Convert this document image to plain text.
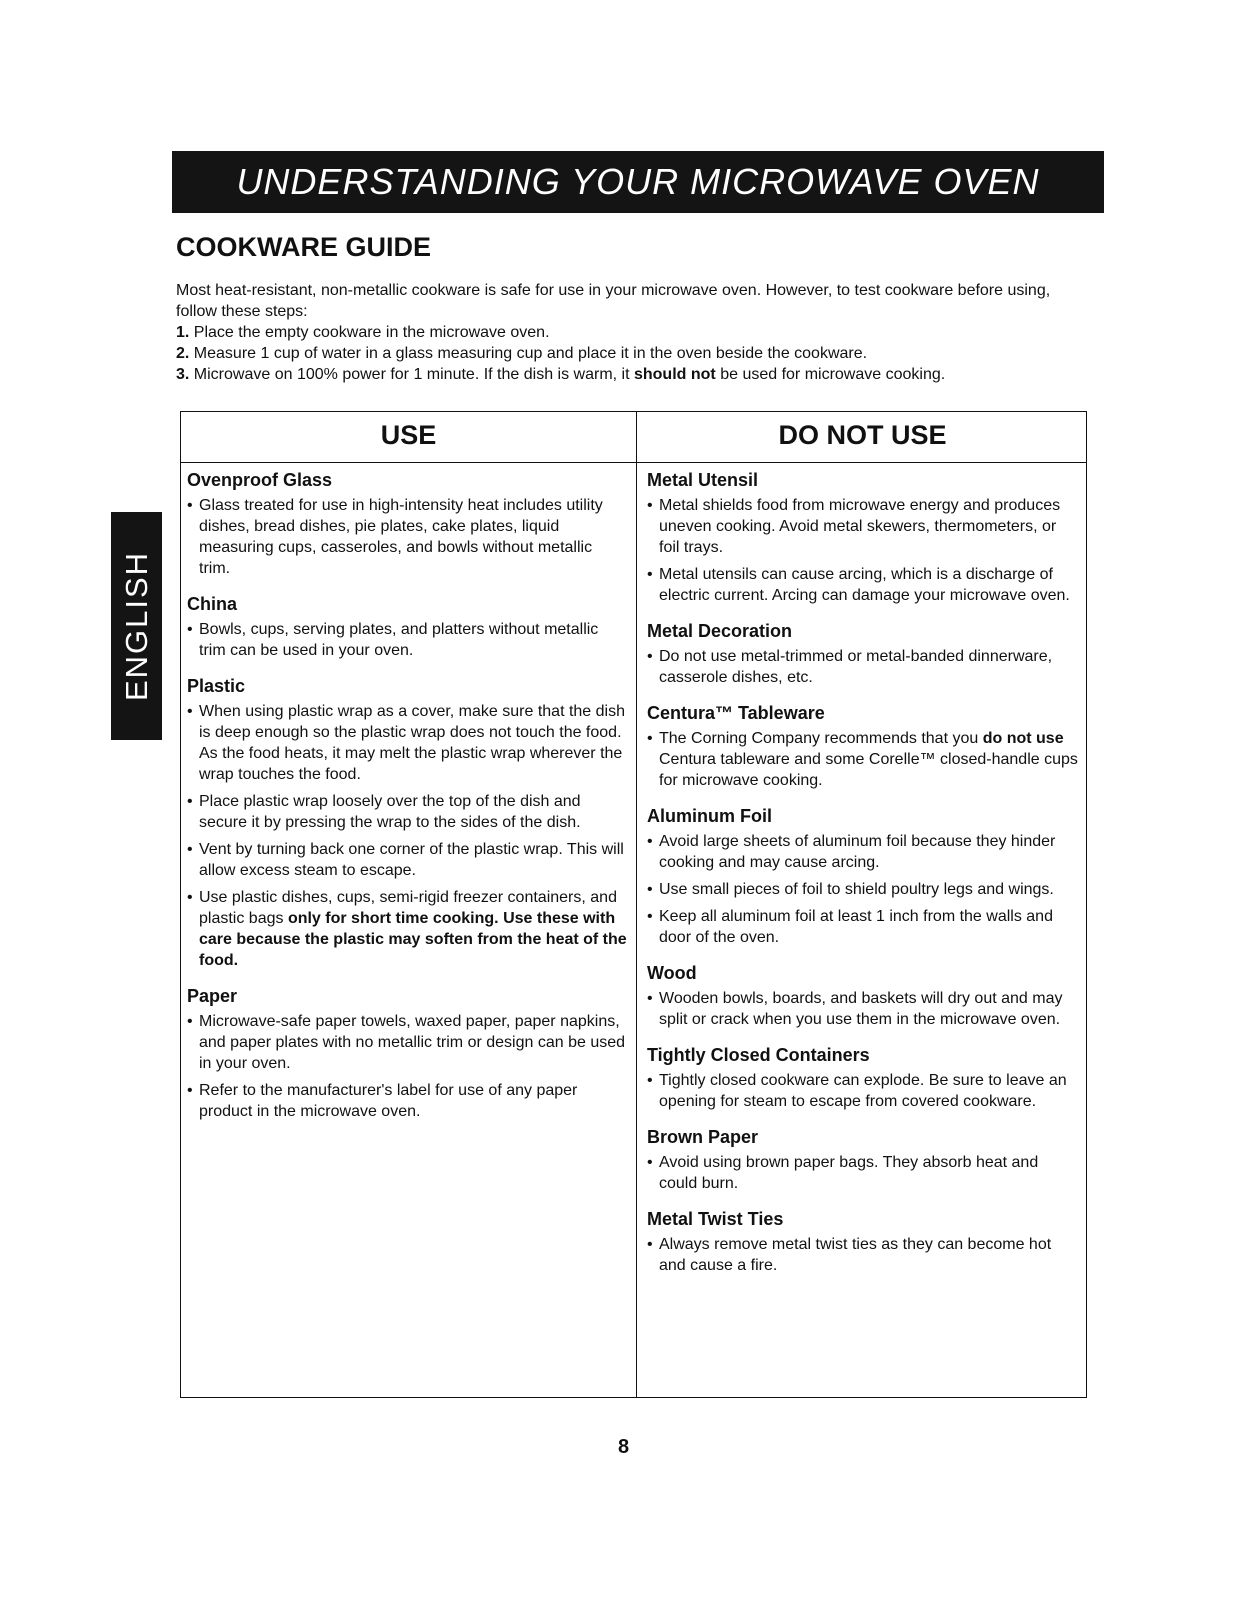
UNDERSTANDING YOUR MICROWAVE OVEN
COOKWARE GUIDE

Most heat-resistant, non-metallic cookware is safe for use in your microwave oven. However, to test cookware before using, follow these steps:

1. Place the empty cookware in the microwave oven.

2. Measure 1 cup of water in a glass measuring cup and place it in the oven beside the cookware.

3. Microwave on 100% power for 1 minute. If the dish is warm, it should not be used for microwave cooking.

ENGLISH
USE	DO NOT USE
Ovenproof Glass
• Glass treated for use in high-intensity heat includes utility dishes, bread dishes, pie plates, cake plates, liquid measuring cups, casseroles, and bowls without metallic trim.
China
• Bowls, cups, serving plates, and platters without metallic trim can be used in your oven.
Plastic
• When using plastic wrap as a cover, make sure that the dish is deep enough so the plastic wrap does not touch the food. As the food heats, it may melt the plastic wrap wherever the wrap touches the food.
• Place plastic wrap loosely over the top of the dish and secure it by pressing the wrap to the sides of the dish.
• Vent by turning back one corner of the plastic wrap. This will allow excess steam to escape.
• Use plastic dishes, cups, semi-rigid freezer containers, and plastic bags only for short time cooking. Use these with care because the plastic may soften from the heat of the food.
Paper
• Microwave-safe paper towels, waxed paper, paper napkins, and paper plates with no metallic trim or design can be used in your oven.
• Refer to the manufacturer's label for use of any paper product in the microwave oven.
Metal Utensil
• Metal shields food from microwave energy and produces uneven cooking. Avoid metal skewers, thermometers, or foil trays.
• Metal utensils can cause arcing, which is a discharge of electric current. Arcing can damage your microwave oven.
Metal Decoration
• Do not use metal-trimmed or metal-banded dinnerware, casserole dishes, etc.
Centura™ Tableware
• The Corning Company recommends that you do not use Centura tableware and some Corelle™ closed-handle cups for microwave cooking.
Aluminum Foil
• Avoid large sheets of aluminum foil because they hinder cooking and may cause arcing.
• Use small pieces of foil to shield poultry legs and wings.
• Keep all aluminum foil at least 1 inch from the walls and door of the oven.
Wood
• Wooden bowls, boards, and baskets will dry out and may split or crack when you use them in the microwave oven.
Tightly Closed Containers
• Tightly closed cookware can explode. Be sure to leave an opening for steam to escape from covered cookware.
Brown Paper
• Avoid using brown paper bags. They absorb heat and could burn.
Metal Twist Ties
• Always remove metal twist ties as they can become hot and cause a fire.
8
